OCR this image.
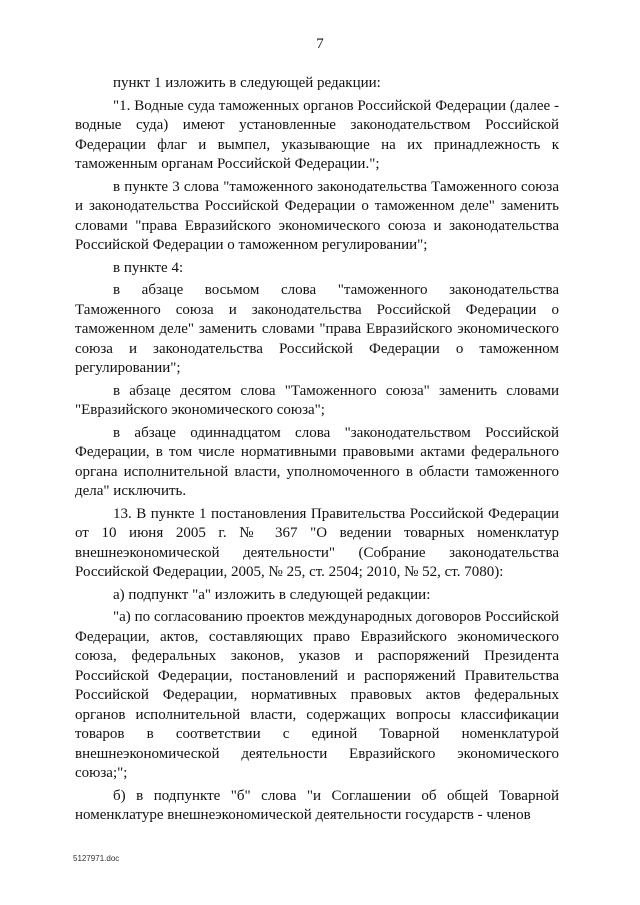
7

пункт 1 изложить в следующей редакции:

"1. Водные суда таможенных органов Российской Федерации (далее - водные суда) имеют установленные законодательством Российской Федерации флаг и вымпел, указывающие на их принадлежность к таможенным органам Российской Федерации.";

в пункте 3 слова "таможенного законодательства Таможенного союза и законодательства Российской Федерации о таможенном деле" заменить словами "права Евразийского экономического союза и законодательства Российской Федерации о таможенном регулировании";

в пункте 4:

в абзаце восьмом слова "таможенного законодательства Таможенного союза и законодательства Российской Федерации о таможенном деле" заменить словами "права Евразийского экономического союза и законодательства Российской Федерации о таможенном регулировании";

в абзаце десятом слова "Таможенного союза" заменить словами "Евразийского экономического союза";

в абзаце одиннадцатом слова "законодательством Российской Федерации, в том числе нормативными правовыми актами федерального органа исполнительной власти, уполномоченного в области таможенного дела" исключить.

13. В пункте 1 постановления Правительства Российской Федерации от 10 июня 2005 г. № 367 "О ведении товарных номенклатур внешнеэкономической деятельности" (Собрание законодательства Российской Федерации, 2005, № 25, ст. 2504; 2010, № 52, ст. 7080):

а) подпункт "а" изложить в следующей редакции:

"а) по согласованию проектов международных договоров Российской Федерации, актов, составляющих право Евразийского экономического союза, федеральных законов, указов и распоряжений Президента Российской Федерации, постановлений и распоряжений Правительства Российской Федерации, нормативных правовых актов федеральных органов исполнительной власти, содержащих вопросы классификации товаров в соответствии с единой Товарной номенклатурой внешнеэкономической деятельности Евразийского экономического союза;";

б) в подпункте "б" слова "и Соглашении об общей Товарной номенклатуре внешнеэкономической деятельности государств - членов

5127971.doc
